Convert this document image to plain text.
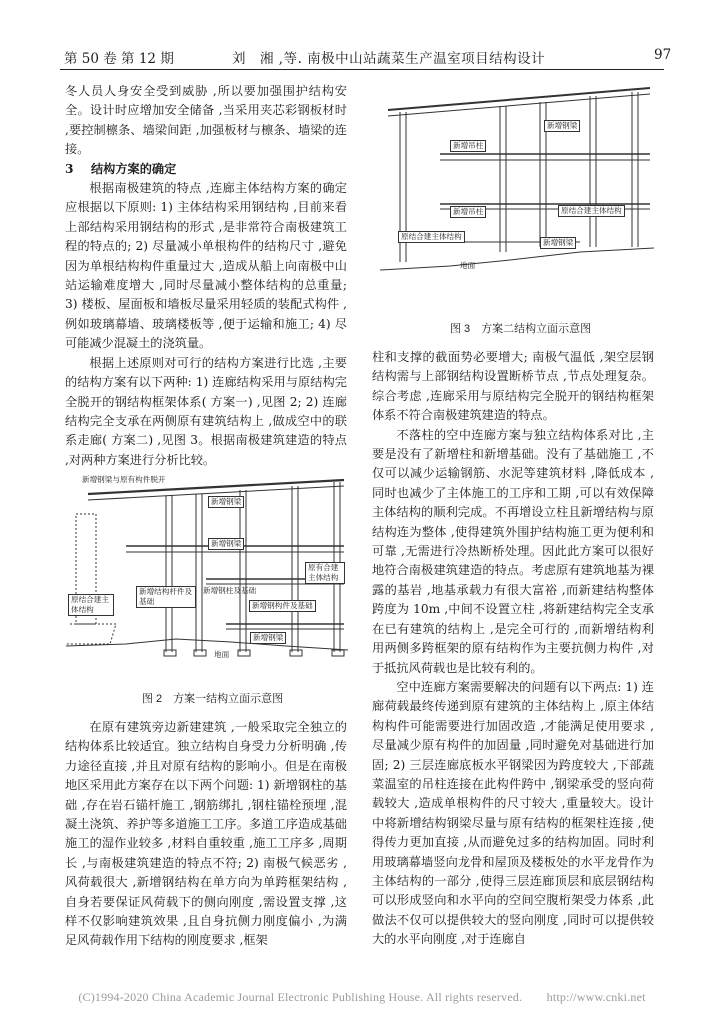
第 50 卷 第 12 期	刘　湘 ,等. 南极中山站蔬菜生产温室项目结构设计	97

冬人员人身安全受到威胁 ,所以要加强围护结构安全。设计时应增加安全储备 ,当采用夹芯彩钢板材时 ,要控制檩条、墙梁间距 ,加强板材与檩条、墙梁的连接。

3 结构方案的确定

根据南极建筑的特点 ,连廊主体结构方案的确定应根据以下原则: 1) 主体结构采用钢结构 ,目前来看上部结构采用钢结构的形式 ,是非常符合南极建筑工程的特点的; 2) 尽量减小单根构件的结构尺寸 ,避免因为单根结构构件重量过大 ,造成从船上向南极中山站运输难度增大 ,同时尽量减小整体结构的总重量; 3) 楼板、屋面板和墙板尽量采用轻质的装配式构件 ,例如玻璃幕墙、玻璃楼板等 ,便于运输和施工; 4) 尽可能减少混凝土的浇筑量。

根据上述原则对可行的结构方案进行比选 ,主要的结构方案有以下两种: 1) 连廊结构采用与原结构完全脱开的钢结构框架体系( 方案一) ,见图 2; 2) 连廊结构完全支承在两侧原有建筑结构上 ,做成空中的联系走廊( 方案二) ,见图 3。根据南极建筑建造的特点 ,对两种方案进行分析比较。

新增钢梁与原有构件脱开
新增钢梁
新增钢梁
原有合建主体结构
原结合建主体结构
新增结构杆件及基础
新增钢柱及基础
新增钢构件及基础
新增钢梁
地面
图 2　方案一结构立面示意图

在原有建筑旁边新建建筑 ,一般采取完全独立的结构体系比较适宜。独立结构自身受力分析明确 ,传力途径直接 ,并且对原有结构的影响小。但是在南极地区采用此方案存在以下两个问题: 1) 新增钢柱的基础 ,存在岩石锚杆施工 ,钢筋绑扎 ,钢柱锚栓预埋 ,混凝土浇筑、养护等多道施工工序。多道工序造成基础施工的湿作业较多 ,材料自重较重 ,施工工序多 ,周期长 ,与南极建筑建造的特点不符; 2) 南极气候恶劣 ,风荷载很大 ,新增钢结构在单方向为单跨框架结构 ,自身若要保证风荷载下的侧向刚度 ,需设置支撑 ,这样不仅影响建筑效果 ,且自身抗侧力刚度偏小 ,为满足风荷载作用下结构的刚度要求 ,框架

新增钢梁
新增吊柱
新增吊柱	原结合建主体结构
原结合建主体结构
新增钢梁
地面
图 3　方案二结构立面示意图

柱和支撑的截面势必要增大; 南极气温低 ,架空层钢结构需与上部钢结构设置断桥节点 ,节点处理复杂。综合考虑 ,连廊采用与原结构完全脱开的钢结构框架体系不符合南极建筑建造的特点。

不落柱的空中连廊方案与独立结构体系对比 ,主要是没有了新增柱和新增基础。没有了基础施工 ,不仅可以减少运输钢筋、水泥等建筑材料 ,降低成本 ,同时也减少了主体施工的工序和工期 ,可以有效保障主体结构的顺利完成。不再增设立柱且新增结构与原结构连为整体 ,使得建筑外围护结构施工更为便利和可靠 ,无需进行冷热断桥处理。因此此方案可以很好地符合南极建筑建造的特点。考虑原有建筑地基为裸露的基岩 ,地基承载力有很大富裕 ,而新建结构整体跨度为 10m ,中间不设置立柱 ,将新建结构完全支承在已有建筑的结构上 ,是完全可行的 ,而新增结构利用两侧多跨框架的原有结构作为主要抗侧力构件 ,对于抵抗风荷载也是比较有利的。

空中连廊方案需要解决的问题有以下两点: 1) 连廊荷载最终传递到原有建筑的主体结构上 ,原主体结构构件可能需要进行加固改造 ,才能满足使用要求 ,尽量减少原有构件的加固量 ,同时避免对基础进行加固; 2) 三层连廊底板水平钢梁因为跨度较大 ,下部蔬菜温室的吊柱连接在此构件跨中 ,钢梁承受的竖向荷载较大 ,造成单根构件的尺寸较大 ,重量较大。设计中将新增结构钢梁尽量与原有结构的框架柱连接 ,使得传力更加直接 ,从而避免过多的结构加固。同时利用玻璃幕墙竖向龙骨和屋顶及楼板处的水平龙骨作为主体结构的一部分 ,使得三层连廊顶层和底层钢结构可以形成竖向和水平向的空间空腹桁架受力体系 ,此做法不仅可以提供较大的竖向刚度 ,同时可以提供较大的水平向刚度 ,对于连廊自

(C)1994-2020 China Academic Journal Electronic Publishing House. All rights reserved.　　http://www.cnki.net
